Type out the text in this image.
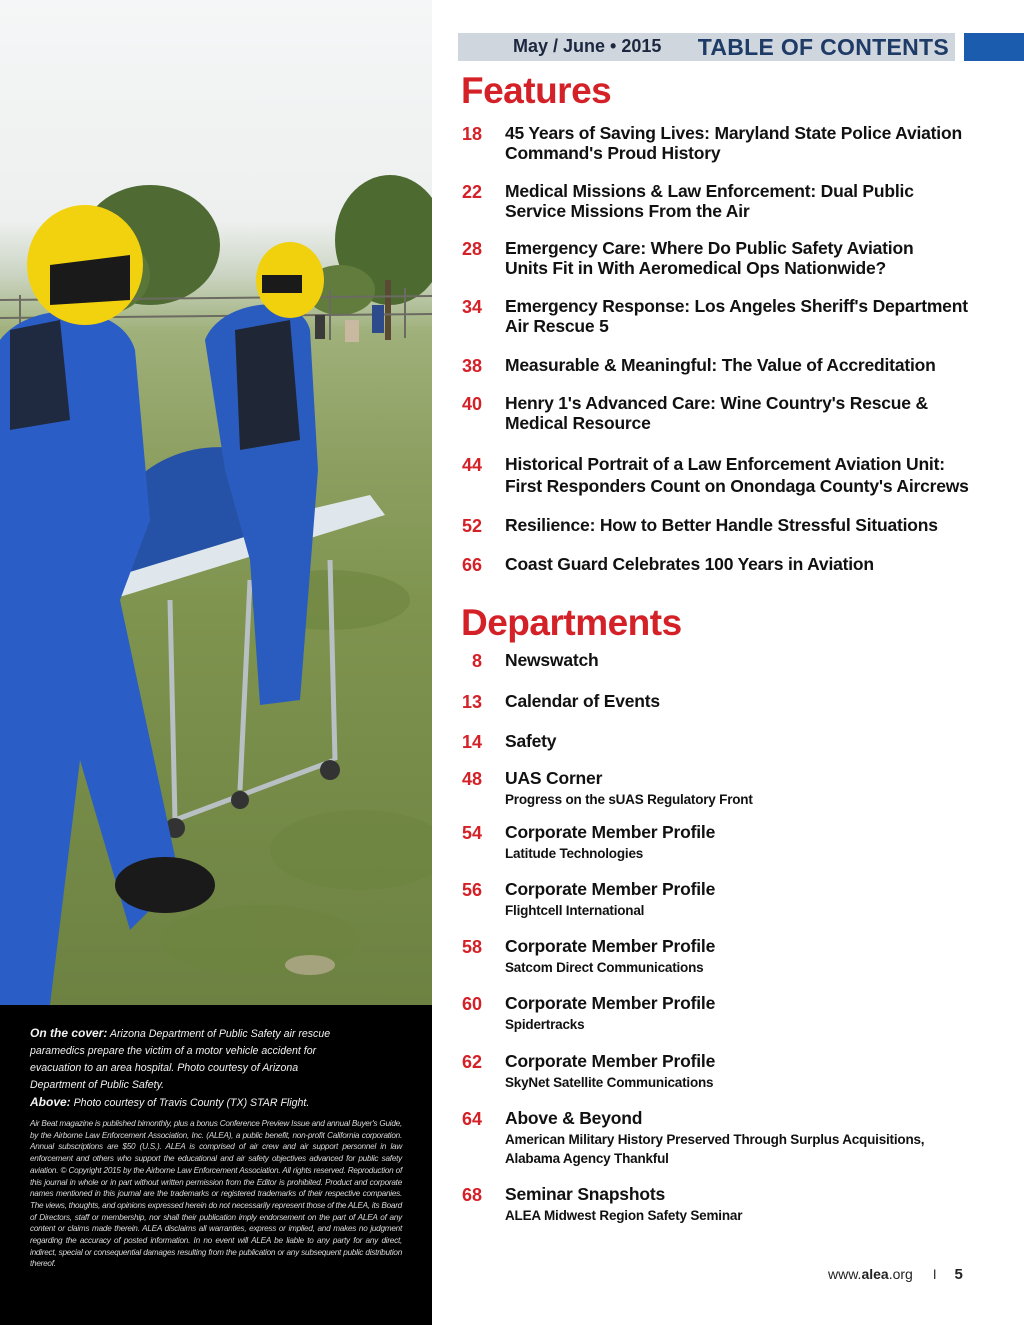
On the cover: Arizona Department of Public Safety air rescue
paramedics prepare the victim of a motor vehicle accident for
evacuation to an area hospital. Photo courtesy of Arizona
Department of Public Safety.
Above: Photo courtesy of Travis County (TX) STAR Flight.
Air Beat magazine is published bimonthly, plus a bonus Conference Preview Issue and annual Buyer's Guide, by the Airborne Law Enforcement Association, Inc. (ALEA), a public benefit, non-profit California corporation. Annual subscriptions are $50 (U.S.). ALEA is comprised of air crew and air support personnel in law enforcement and others who support the educational and air safety objectives advanced for public safety aviation. © Copyright 2015 by the Airborne Law Enforcement Association. All rights reserved. Reproduction of this journal in whole or in part without written permission from the Editor is prohibited. Product and corporate names mentioned in this journal are the trademarks or registered trademarks of their respective companies. The views, thoughts, and opinions expressed herein do not necessarily represent those of the ALEA, its Board of Directors, staff or membership, nor shall their publication imply endorsement on the part of ALEA of any content or claims made therein. ALEA disclaims all warranties, express or implied, and makes no judgment regarding the accuracy of posted information. In no event will ALEA be liable to any party for any direct, indirect, special or consequential damages resulting from the publication or any subsequent public distribution thereof.
May / June • 2015 TABLE OF CONTENTS
Features
18 45 Years of Saving Lives: Maryland State Police Aviation
Command's Proud History
22 Medical Missions & Law Enforcement: Dual Public
Service Missions From the Air
28 Emergency Care: Where Do Public Safety Aviation
Units Fit in With Aeromedical Ops Nationwide?
34 Emergency Response: Los Angeles Sheriff's Department
Air Rescue 5
38 Measurable & Meaningful: The Value of Accreditation
40 Henry 1's Advanced Care: Wine Country's Rescue &
Medical Resource
44 Historical Portrait of a Law Enforcement Aviation Unit:
First Responders Count on Onondaga County's Aircrews
52 Resilience: How to Better Handle Stressful Situations
66 Coast Guard Celebrates 100 Years in Aviation
Departments
8 Newswatch
13 Calendar of Events
14 Safety
48 UAS Corner
Progress on the sUAS Regulatory Front
54 Corporate Member Profile
Latitude Technologies
56 Corporate Member Profile
Flightcell International
58 Corporate Member Profile
Satcom Direct Communications
60 Corporate Member Profile
Spidertracks
62 Corporate Member Profile
SkyNet Satellite Communications
64 Above & Beyond
American Military History Preserved Through Surplus Acquisitions,
Alabama Agency Thankful
68 Seminar Snapshots
ALEA Midwest Region Safety Seminar
www.alea.org I 5
